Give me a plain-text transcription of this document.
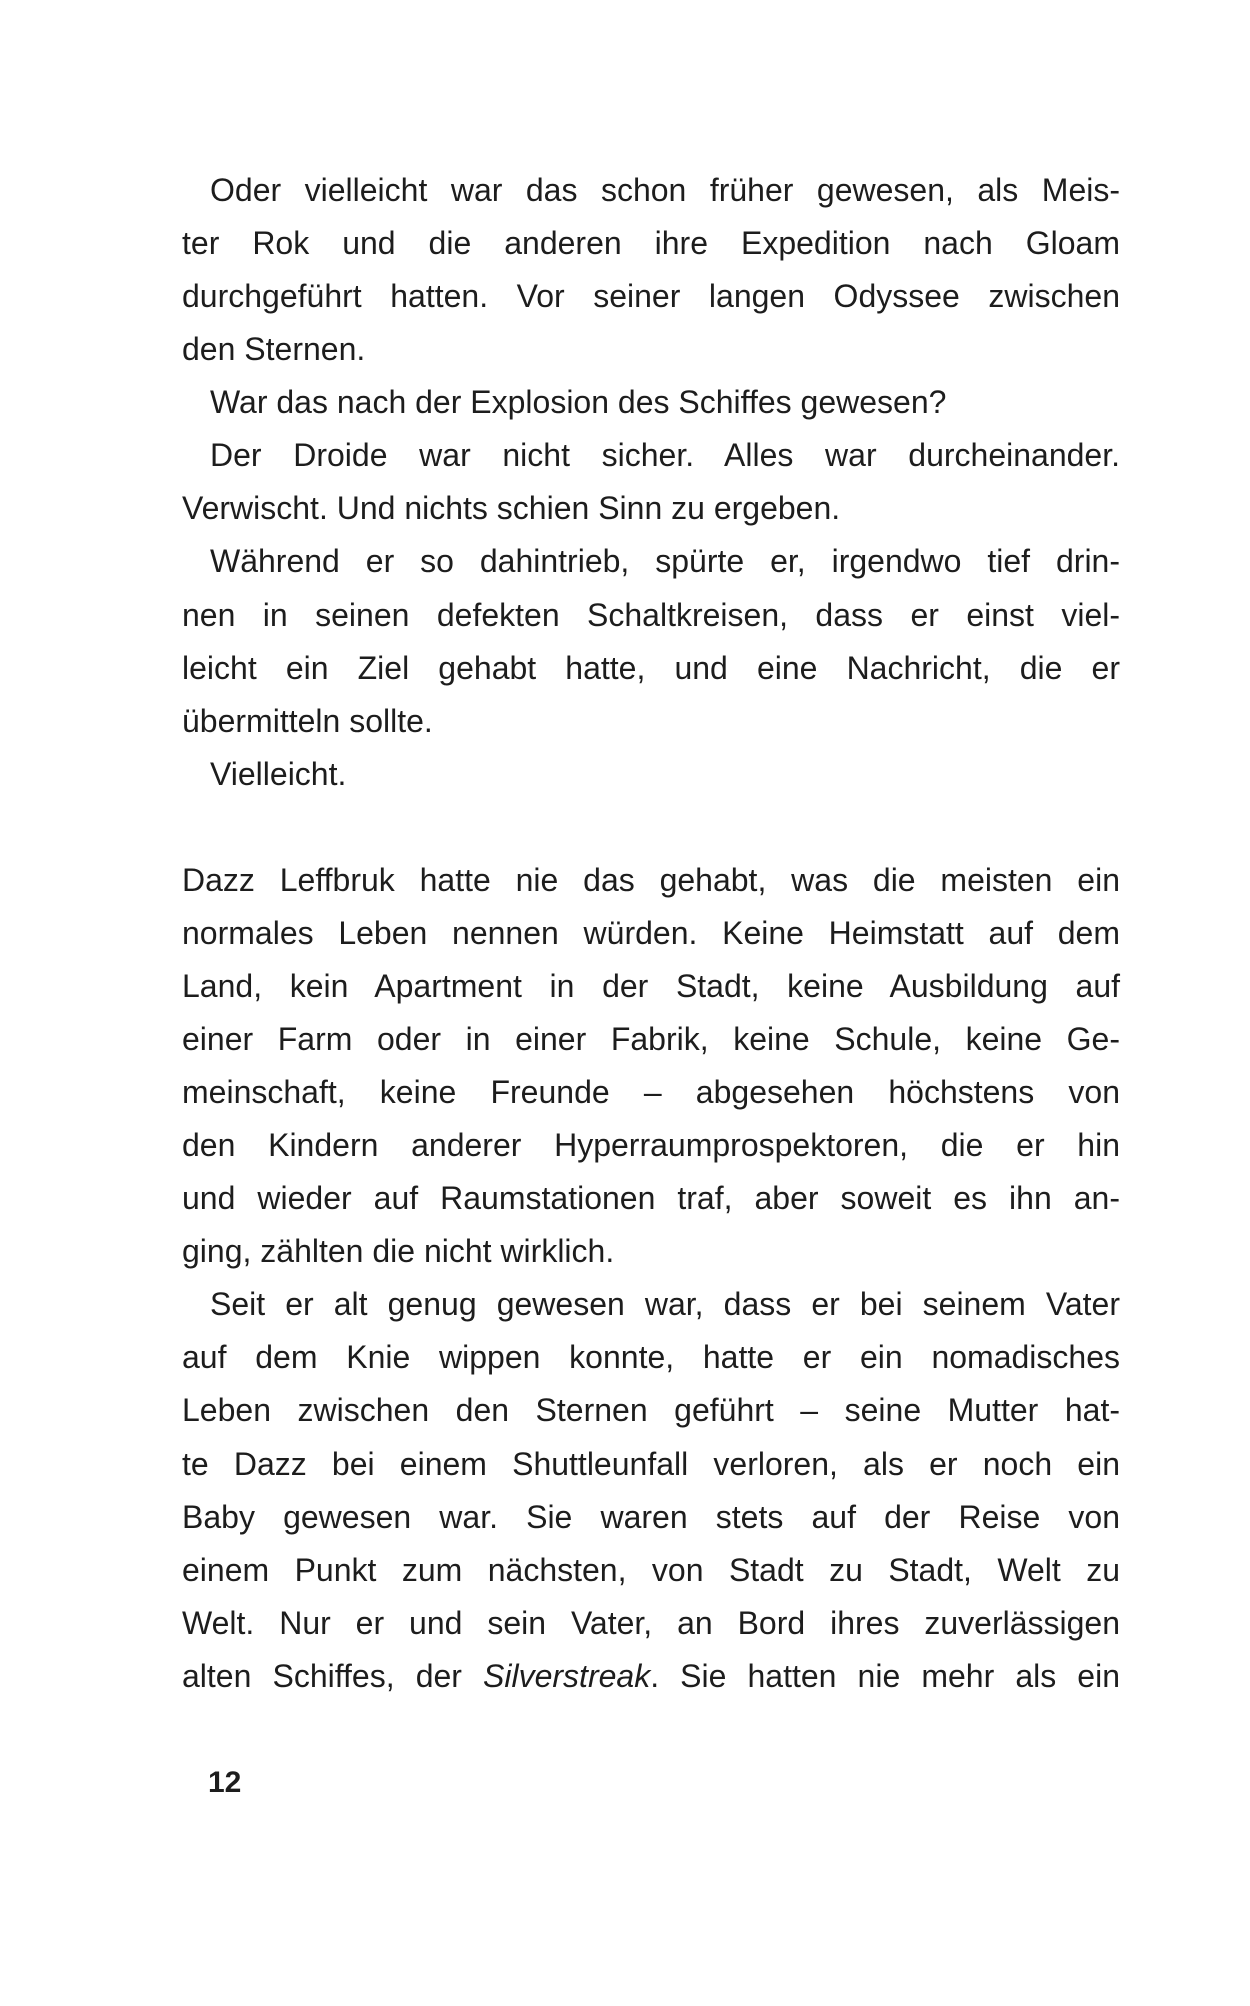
Oder vielleicht war das schon früher gewesen, als Meis-
ter Rok und die anderen ihre Expedition nach Gloam
durchgeführt hatten. Vor seiner langen Odyssee zwischen
den Sternen.
War das nach der Explosion des Schiffes gewesen?
Der Droide war nicht sicher. Alles war durcheinander.
Verwischt. Und nichts schien Sinn zu ergeben.
Während er so dahintrieb, spürte er, irgendwo tief drin-
nen in seinen defekten Schaltkreisen, dass er einst viel-
leicht ein Ziel gehabt hatte, und eine Nachricht, die er
übermitteln sollte.
Vielleicht.
Dazz Leffbruk hatte nie das gehabt, was die meisten ein
normales Leben nennen würden. Keine Heimstatt auf dem
Land, kein Apartment in der Stadt, keine Ausbildung auf
einer Farm oder in einer Fabrik, keine Schule, keine Ge-
meinschaft, keine Freunde – abgesehen höchstens von
den Kindern anderer Hyperraumprospektoren, die er hin
und wieder auf Raumstationen traf, aber soweit es ihn an-
ging, zählten die nicht wirklich.
Seit er alt genug gewesen war, dass er bei seinem Vater
auf dem Knie wippen konnte, hatte er ein nomadisches
Leben zwischen den Sternen geführt – seine Mutter hat-
te Dazz bei einem Shuttleunfall verloren, als er noch ein
Baby gewesen war. Sie waren stets auf der Reise von
einem Punkt zum nächsten, von Stadt zu Stadt, Welt zu
Welt. Nur er und sein Vater, an Bord ihres zuverlässigen
alten Schiffes, der Silverstreak. Sie hatten nie mehr als ein
12
